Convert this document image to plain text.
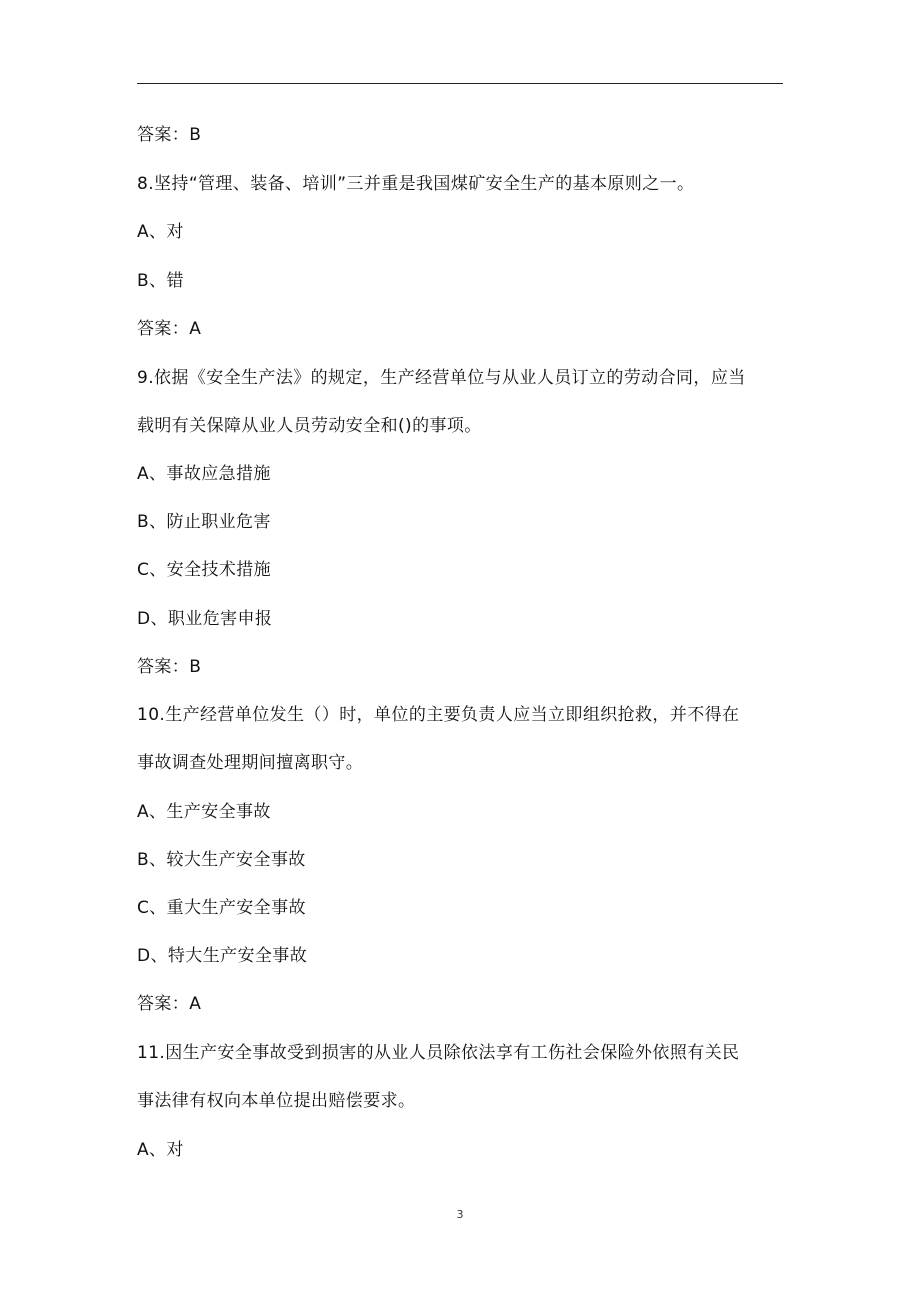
答案：B
8.坚持“管理、装备、培训”三并重是我国煤矿安全生产的基本原则之一。
A、对
B、错
答案：A
9.依据《安全生产法》的规定，生产经营单位与从业人员订立的劳动合同，应当
载明有关保障从业人员劳动安全和()的事项。
A、事故应急措施
B、防止职业危害
C、安全技术措施
D、职业危害申报
答案：B
10.生产经营单位发生（）时，单位的主要负责人应当立即组织抢救，并不得在
事故调查处理期间擅离职守。
A、生产安全事故
B、较大生产安全事故
C、重大生产安全事故
D、特大生产安全事故
答案：A
11.因生产安全事故受到损害的从业人员除依法享有工伤社会保险外依照有关民
事法律有权向本单位提出赔偿要求。
A、对
3
